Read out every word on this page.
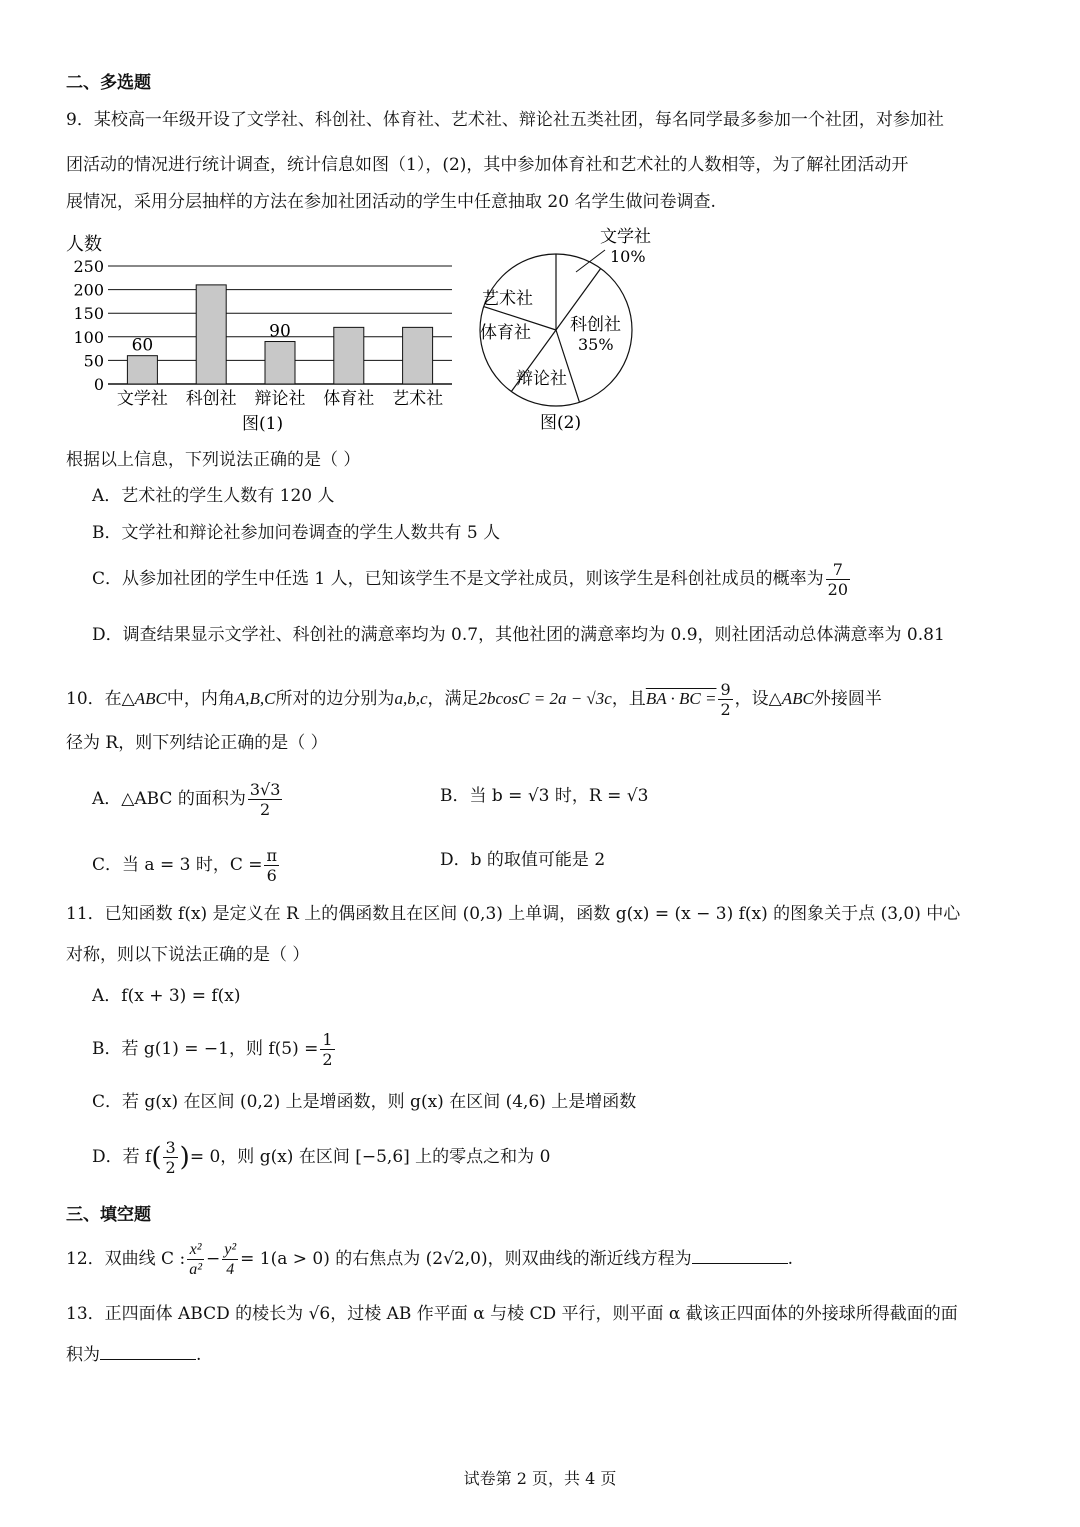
二、多选题
9．某校高一年级开设了文学社、科创社、体育社、艺术社、辩论社五类社团，每名同学最多参加一个社团，对参加社
团活动的情况进行统计调查，统计信息如图（1），(2)，其中参加体育社和艺术社的人数相等，为了解社团活动开
展情况，采用分层抽样的方法在参加社团活动的学生中任意抽取 20 名学生做问卷调查.
人数
250
200
150
100
50
0
60
文学社 科创社
90
辩论社 体育社 艺术社
图(1)
文学社
10%
艺术社
科创社
35%
体育社
辩论社
图(2)
根据以上信息，下列说法正确的是（ ）
A．艺术社的学生人数有 120 人
B．文学社和辩论社参加问卷调查的学生人数共有 5 人
C．从参加社团的学生中任选 1 人，已知该学生不是文学社成员，则该学生是科创社成员的概率为 $\frac{7}{20}$
D．调查结果显示文学社、科创社的满意率均为 0.7，其他社团的满意率均为 0.9，则社团活动总体满意率为 0.81
10．在△ABC中，内角A,B,C所对的边分别为a,b,c，满足2bcosC = 2a − √3c，且BA · BC = $\frac{9}{2}$ ，设△ABC外接圆半
径为 R，则下列结论正确的是（ ）
A．△ABC 的面积为 $\frac{3√3}{2}$	B．当 b = √3 时，R = √3
C．当 a = 3 时，$C = \frac{\pi}{6}$	D．b 的取值可能是 2
11．已知函数 f(x) 是定义在 R 上的偶函数且在区间 (0,3) 上单调，函数 g(x) = (x − 3) f(x) 的图象关于点 (3,0) 中心
对称，则以下说法正确的是（ ）
A．f(x + 3) = f(x)
B．若 g(1) = −1，则 $f(5) = \frac{1}{2}$
C．若 g(x) 在区间 (0,2) 上是增函数，则 g(x) 在区间 (4,6) 上是增函数
D．若 $f( \frac{3}{2}$ )= 0，则 g(x) 在区间 [−5,6] 上的零点之和为 0
三、填空题
12．双曲线 C : $\frac{\text{x²}}{\text{a²}} - \frac{\text{y²}}{4} = 1(a > 0)$ 的右焦点为 (2√2,0)，则双曲线的渐近线方程为	.
13．正四面体 ABCD 的棱长为 √6，过棱 AB 作平面 α 与棱 CD 平行，则平面 α 截该正四面体的外接球所得截面的面
积为	.
试卷第 2 页，共 4 页
